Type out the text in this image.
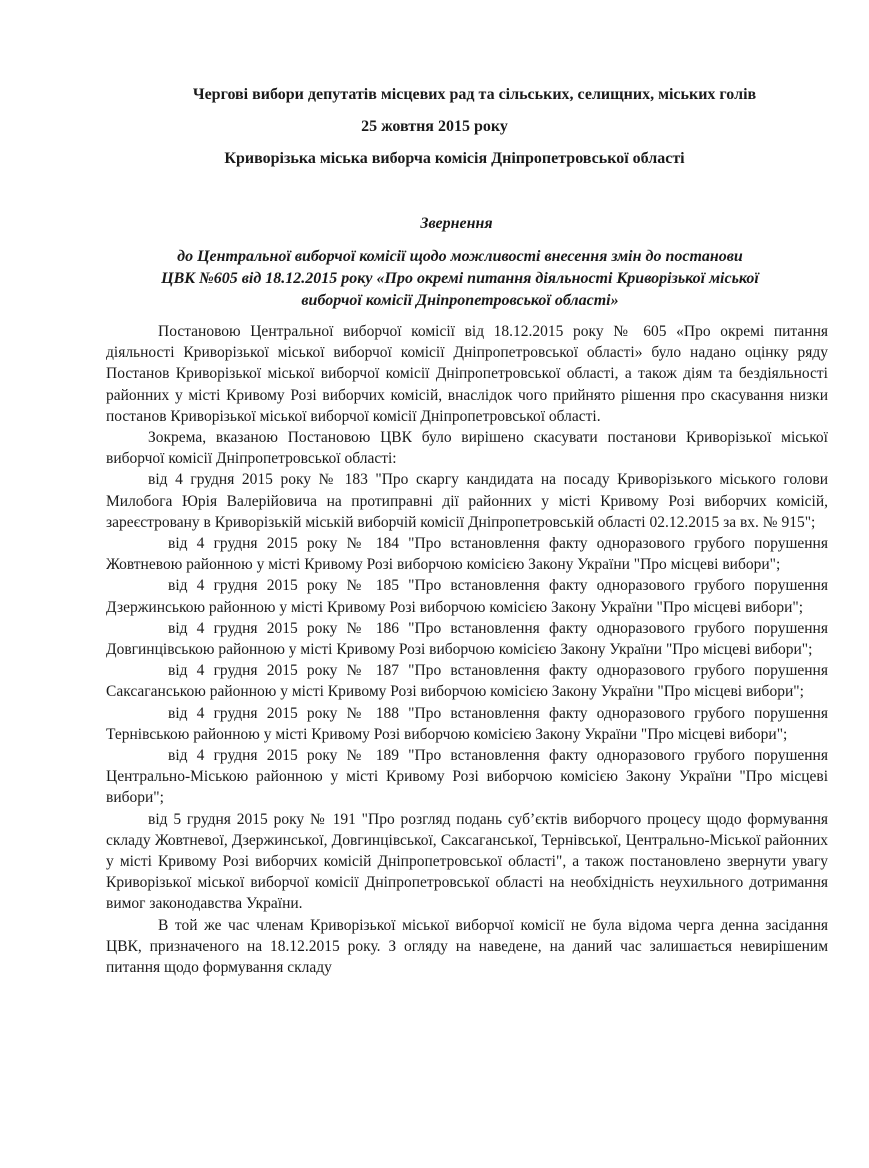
Чергові вибори депутатів місцевих рад та сільських, селищних, міських голів
25 жовтня 2015 року
Криворізька міська виборча комісія Дніпропетровської області
Звернення
до Центральної виборчої комісії щодо можливості внесення змін до постанови
ЦВК №605 від 18.12.2015 року «Про окремі питання діяльності Криворізької міської
виборчої комісії Дніпропетровської області»

Постановою Центральної виборчої комісії від 18.12.2015 року № 605 «Про окремі питання діяльності Криворізької міської виборчої комісії Дніпропетровської області» було надано оцінку ряду Постанов Криворізької міської виборчої комісії Дніпропетровської області, а також діям та бездіяльності районних у місті Кривому Розі виборчих комісій, внаслідок чого прийнято рішення про скасування низки постанов Криворізької міської виборчої комісії Дніпропетровської області.

Зокрема, вказаною Постановою ЦВК було вирішено скасувати постанови Криворізької міської виборчої комісії Дніпропетровської області:

від 4 грудня 2015 року № 183 "Про скаргу кандидата на посаду Криворізького міського голови Милобога Юрія Валерійовича на протиправні дії районних у місті Кривому Розі виборчих комісій, зареєстровану в Криворізькій міській виборчій комісії Дніпропетровській області 02.12.2015 за вх. № 915";

від 4 грудня 2015 року № 184 "Про встановлення факту одноразового грубого порушення Жовтневою районною у місті Кривому Розі виборчою комісією Закону України "Про місцеві вибори";

від 4 грудня 2015 року № 185 "Про встановлення факту одноразового грубого порушення Дзержинською районною у місті Кривому Розі виборчою комісією Закону України "Про місцеві вибори";

від 4 грудня 2015 року № 186 "Про встановлення факту одноразового грубого порушення Довгинцівською районною у місті Кривому Розі виборчою комісією Закону України "Про місцеві вибори";

від 4 грудня 2015 року № 187 "Про встановлення факту одноразового грубого порушення Саксаганською районною у місті Кривому Розі виборчою комісією Закону України "Про місцеві вибори";

від 4 грудня 2015 року № 188 "Про встановлення факту одноразового грубого порушення Тернівською районною у місті Кривому Розі виборчою комісією Закону України "Про місцеві вибори";

від 4 грудня 2015 року № 189 "Про встановлення факту одноразового грубого порушення Центрально-Міською районною у місті Кривому Розі виборчою комісією Закону України "Про місцеві вибори";

від 5 грудня 2015 року № 191 "Про розгляд подань суб’єктів виборчого процесу щодо формування складу Жовтневої, Дзержинської, Довгинцівської, Саксаганської, Тернівської, Центрально-Міської районних у місті Кривому Розі виборчих комісій Дніпропетровської області", а також постановлено звернути увагу Криворізької міської виборчої комісії Дніпропетровської області на необхідність неухильного дотримання вимог законодавства України.

В той же час членам Криворізької міської виборчої комісії не була відома черга денна засідання ЦВК, призначеного на 18.12.2015 року. З огляду на наведене, на даний час залишається невирішеним питання щодо формування складу
